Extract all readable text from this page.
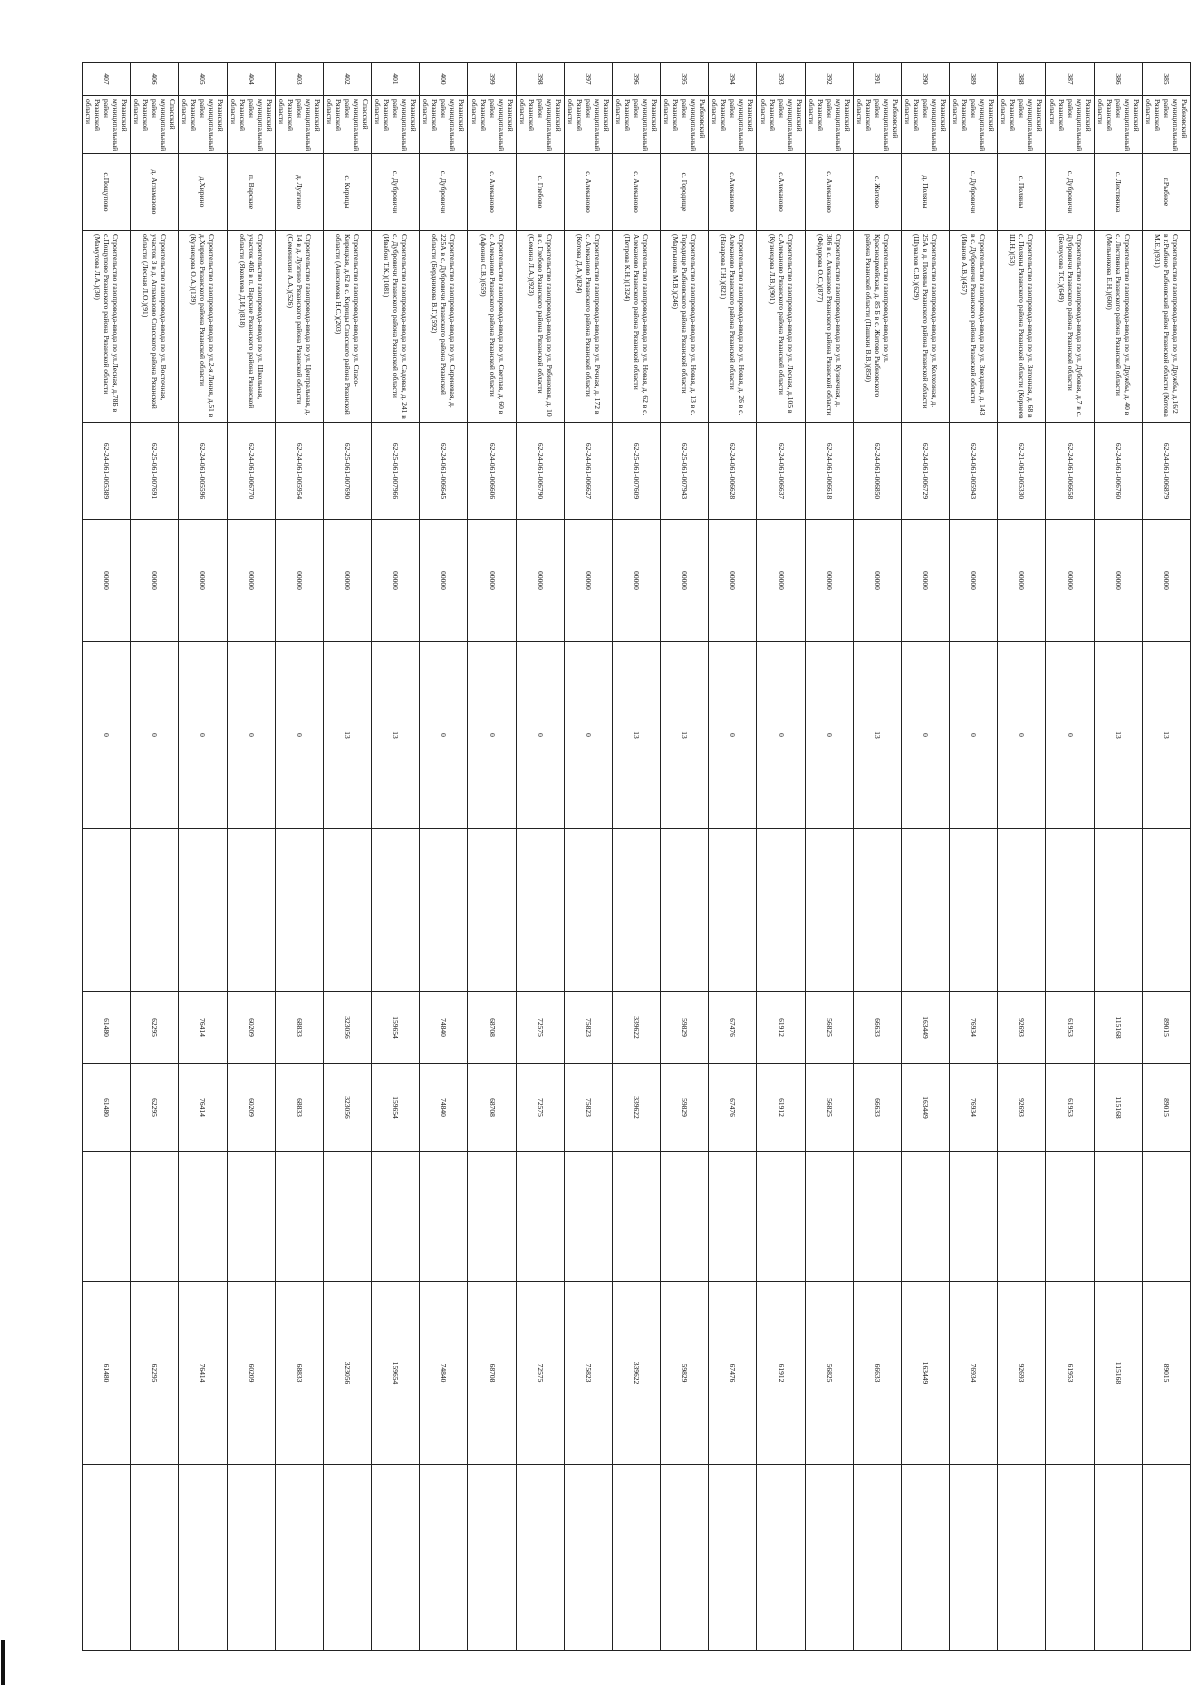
385	Рыбновский муниципальный район Рязанской области	г.Рыбное	Строительство газопровода-ввода по ул. Дружбы, д.16/2 в г.Рыбное Рыбновский район Рязанской области (Котова М.Е.)(931)	62-24-061-006879	00000	13		89015	89015		89015	
386	Рязанский муниципальный район Рязанской области	с. Листвянка	Строительство газопровода-ввода по ул. Дружбы, д. 40 в с. Листвянка Рязанского района Рязанской области (Мельникова Е.Н.)(600)	62-24-061-006760	00000	13		115168	115168		115168	
387	Рязанский муниципальный район Рязанской области	с. Дубровичи	Строительство газопровода-ввода по ул. Дубовая, д.7 в с. Дубровичи Рязанского района Рязанской области (Белоусова Т.С.)(649)	62-24-061-006658	00000	0		61953	61953		61953	
388	Рязанский муниципальный район Рязанской области	с. Поляны	Строительство газопровода-ввода по ул. Затонная, д. 68 в с. Поляны Рязанского района Рязанской области (Корнеев Ш.Н.)(53)	62-21-061-005330	00000	0		92693	92693		92693	
389	Рязанский муниципальный район Рязанской области	с. Дубровичи	Строительство газопровода-ввода по ул. Звездная, д. 143 в с. Дубровичи Рязанского района Рязанской области (Иванов А.В.)(457)	62-24-061-005943	00000	0		76934	76934		76934	
390	Рязанский муниципальный район Рязанской области	д. Поляны	Строительство газопровода-ввода по ул. Колхозная, д. 25А в д. Поляны Рязанского района Рязанской области (Шувалов С.В.)(629)	62-24-061-006729	00000	0		163449	163449		163449	
391	Рыбновский муниципальный район Рязанской области	с. Житово	Строительство газопровода-ввода по ул. Красноармейская, д. 85 Б в с. Житово Рыбновского района Рязанской области (Пашкин В.В.)(850)	62-24-061-006850	00000	13		66633	66633		66633	
392	Рязанский муниципальный район Рязанской области	с. Алеканово	Строительство газопровода-ввода по ул. Кузнечная, д. 306 в с. Алеканово Рязанского района Рязанской области (Фёдорова О.С.)(877)	62-24-061-006618	00000	0		56825	56825		56825	
393	Рязанский муниципальный район Рязанской области	с.Алеканово	Строительство газопровода-ввода по ул. Лесная, д.105 в с.Алеканово Рязанского района Рязанской области (Кузнецова Л.В.)(901)	62-24-061-006637	00000	0		61912	61912		61912	
394	Рязанский муниципальный район Рязанской области	с.Алеканово	Строительство газопровода-ввода по ул. Новая, д. 26 в с. Алеканово Рязанского района Рязанской области (Назарова Г.Н.)(821)	62-24-061-006628	00000	0		67476	67476		67476	
395	Рыбновский муниципальный район Рязанской области	с. Городище	Строительство газопровода-ввода по ул. Новая, д. 13 в с. Городище Рыбновского района Рязанской области (Мартынова М.В.)(246)	62-25-061-007943	00000	13		59829	59829		59829	
396	Рязанский муниципальный район Рязанской области	с. Алеканово	Строительство газопровода-ввода по ул. Новая, д. 62 в с. Алеканово Рязанского района Рязанской области (Петрова К.Н.)(1324)	62-25-061-007609	00000	13		339622	339622		339622	
397	Рязанский муниципальный район Рязанской области	с. Алеканово	Строительство газопровода-ввода по ул. Речная, д. 172 в с. Алеканово Рязанского района Рязанской области (Котова Д.А.)(824)	62-24-061-006627	00000	0		75823	75823		75823	
398	Рязанский муниципальный район Рязанской области	с. Глебово	Строительство газопровода-ввода по ул. Рябиновая, д. 10 в с. Глебово Рязанского района Рязанской области (Семина Л.А.)(923)	62-24-061-006790	00000	0		72575	72575		72575	
399	Рязанский муниципальный район Рязанской области	с. Алеканово	Строительство газопровода-ввода по ул. Светлая, д. 60 в с. Алеканово Рязанского района Рязанской области (Афонин С.В.)(659)	62-24-061-006606	00000	0		68708	68708		68708	
400	Рязанский муниципальный район Рязанской области	с. Дубровичи	Строительство газопровода-ввода по ул. Сиреневая, д. 225А в с. Дубровичи Рязанского района Рязанской области (Бердникова В.Г.)(592)	62-24-061-006645	00000	0		74840	74840		74840	
401	Рязанский муниципальный район Рязанской области	с. Дубровичи	Строительство газопровода-ввода по ул. Садовая, д. 241 в с. Дубровичи Рязанского района Рязанской области (Ивабон Т.К.)(1081)	62-25-061-007966	00000	13		159654	159654		159654	
402	Спасский муниципальный район Рязанской области	с. Кирицы	Строительство газопровода-ввода по ул. Спасо-Кирицкая, д.62 в с. Кирицы Спасского района Рязанской области (Анисимова Н.С.)(203)	62-25-061-007690	00000	13		323056	323056		323056	
403	Рязанский муниципальный район Рязанской области	д. Лузгино	Строительство газопровода-ввода по ул. Центральная, д. 14 в д. Лузгино Рязанского района Рязанской области (Семенихин А.А.)(526)	62-24-061-005954	00000	0		68833	68833		68833	
404	Рязанский муниципальный район Рязанской области	п. Варские	Строительство газопровода-ввода по ул. Школьная, участок 40Б в п. Варские Рязанского района Рязанской области (Яковлева Д.И.)(818)	62-24-061-006770	00000	0		60209	60209		60209	
405	Рязанский муниципальный район Рязанской области	д.Хирино	Строительство газопровода-ввода по ул.2-я Линия, д.51 в д.Хирино Рязанского района Рязанской области (Кузнецова О.А.)(139)	62-24-061-005596	00000	0		76414	76414		76414	
406	Спасский муниципальный район Рязанской области	д. Агламазово	Строительство газопровода-ввода по ул. Восточная, участок 3 в д. Агламазово Спасского района Рязанской области (Лесная Л.О.)(91)	62-25-061-007691	00000	0		62295	62295		62295	
407	Рязанский муниципальный район Рязанской области	с.Пощупово	Строительство газопровода-ввода по ул.Лесная, д.78Б в с.Пощупово Рязанского района Рязанской области (Мамутова Л.А.)(30)	62-24-061-005389	00000	0		61480	61480		61480	
